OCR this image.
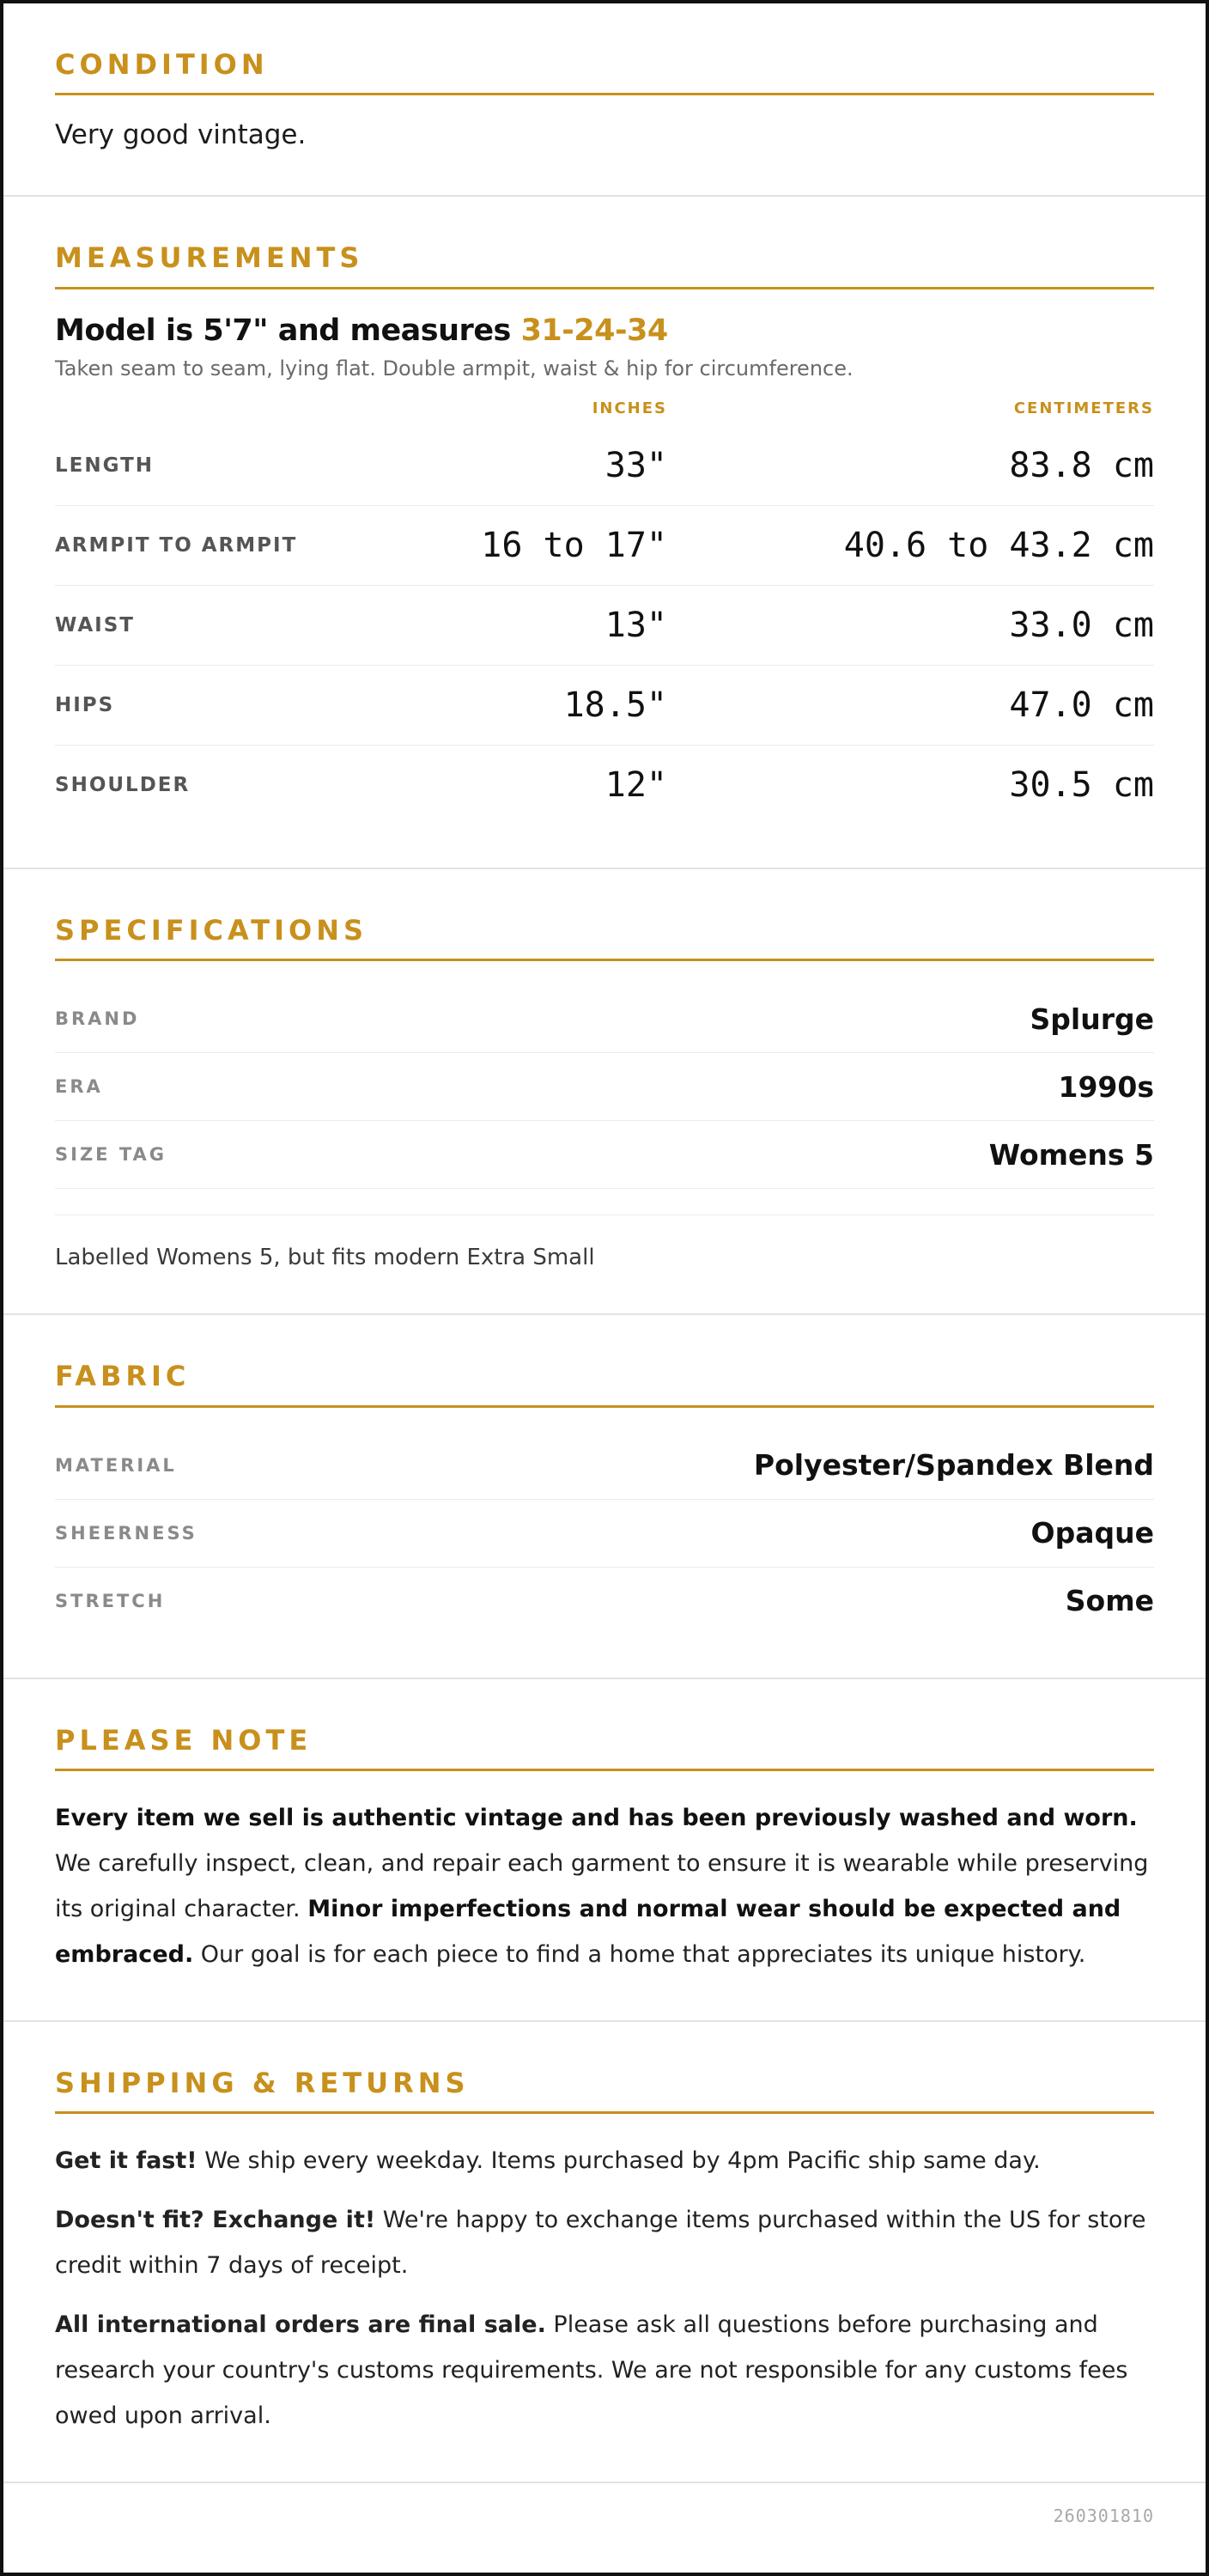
CONDITION
Very good vintage.
MEASUREMENTS
Model is 5'7" and measures 31-24-34
Taken seam to seam, lying flat. Double armpit, waist & hip for circumference.
INCHES	CENTIMETERS
LENGTH	33"	83.8 cm
ARMPIT TO ARMPIT	16 to 17"	40.6 to 43.2 cm
WAIST	13"	33.0 cm
HIPS	18.5"	47.0 cm
SHOULDER	12"	30.5 cm
SPECIFICATIONS
BRAND	Splurge
ERA	1990s
SIZE TAG	Womens 5
Labelled Womens 5, but fits modern Extra Small
FABRIC
MATERIAL	Polyester/Spandex Blend
SHEERNESS	Opaque
STRETCH	Some
PLEASE NOTE

Every item we sell is authentic vintage and has been previously washed and worn. We carefully inspect, clean, and repair each garment to ensure it is wearable while preserving its original character. Minor imperfections and normal wear should be expected and embraced. Our goal is for each piece to find a home that appreciates its unique history.

SHIPPING & RETURNS

Get it fast! We ship every weekday. Items purchased by 4pm Pacific ship same day.

Doesn't fit? Exchange it! We're happy to exchange items purchased within the US for store credit within 7 days of receipt.

All international orders are final sale. Please ask all questions before purchasing and research your country's customs requirements. We are not responsible for any customs fees owed upon arrival.

260301810
